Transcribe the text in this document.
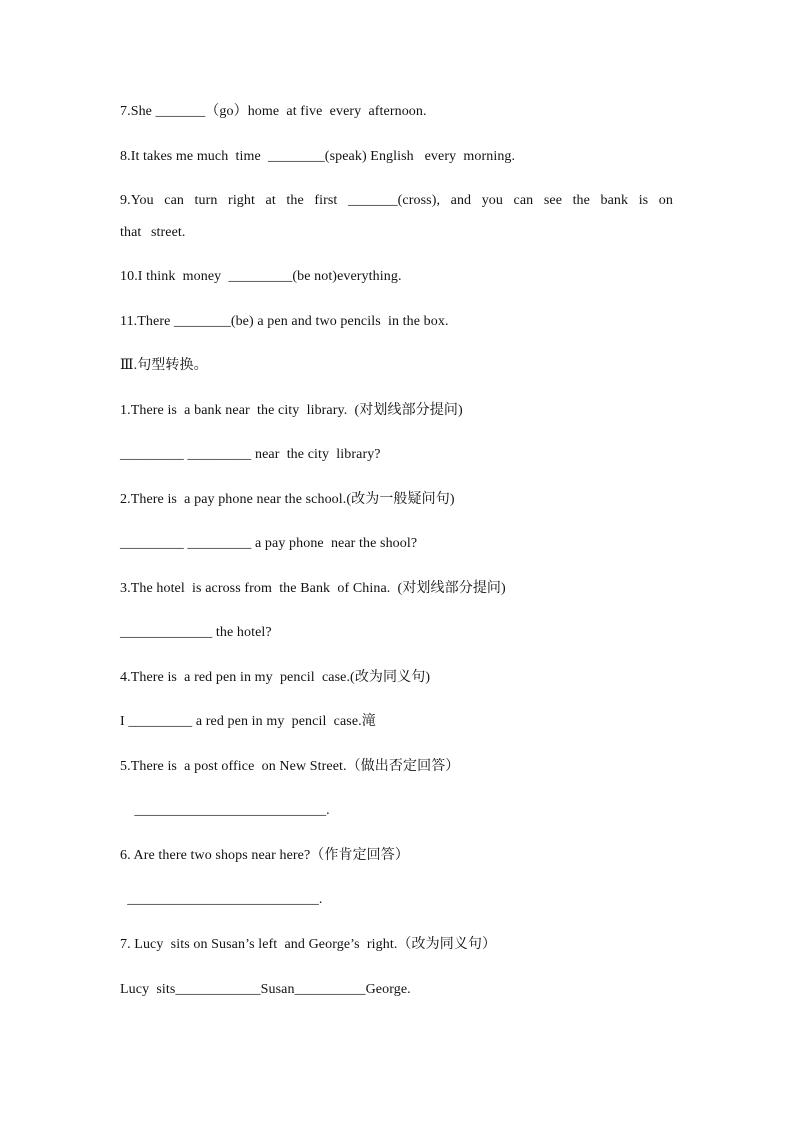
7.She _______（go）home  at five  every  afternoon.
8.It takes me much  time  ________(speak) English   every  morning.
9.You can turn right at the first _______(cross), and you can see the bank is on that street.
10.I think  money  _________(be not)everything.
11.There ________(be) a pen and two pencils  in the box.
Ⅲ.句型转换。
1.There is  a bank near  the city  library.  (对划线部分提问)
_________ _________ near  the city  library?
2.There is  a pay phone near the school.(改为一般疑问句)
_________ _________ a pay phone  near the shool?
3.The hotel  is across from  the Bank  of China.  (对划线部分提问)
_____________ the hotel?
4.There is  a red pen in my  pencil  case.(改为同义句)
I _________ a red pen in my  pencil  case.滝
5.There is  a post office  on New Street.（做出否定回答）
___________________________.
6. Are there two shops near here?（作肯定回答）
___________________________.
7. Lucy  sits on Susan’s left  and George’s  right.（改为同义句）
Lucy  sits____________Susan__________George.
